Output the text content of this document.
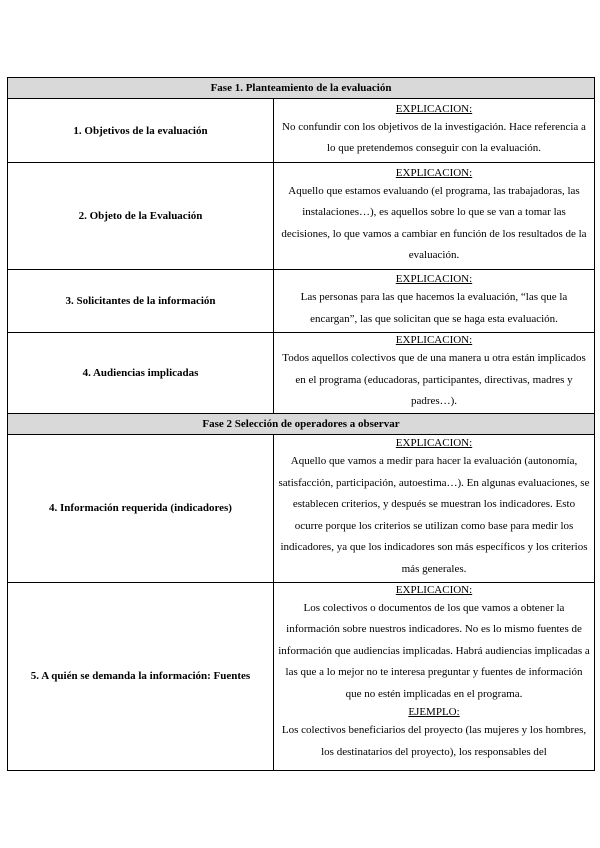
Fase 1. Planteamiento de la evaluación	
1. Objetivos de la evaluación	EXPLICACION:
No confundir con los objetivos de la investigación. Hace referencia a lo que pretendemos conseguir con la evaluación.

2. Objeto de la Evaluación	EXPLICACION:
Aquello que estamos evaluando (el programa, las trabajadoras, las instalaciones…), es aquellos sobre lo que se van a tomar las decisiones, lo que vamos a cambiar en función de los resultados de la evaluación.

3. Solicitantes de la información	EXPLICACION:
Las personas para las que hacemos la evaluación, “las que la encargan”, las que solicitan que se haga esta evaluación.

4. Audiencias implicadas	EXPLICACION:
Todos aquellos colectivos que de una manera u otra están implicados en el programa (educadoras, participantes, directivas, madres y padres…).

Fase 2 Selección de operadores a observar	
4. Información requerida (indicadores)	EXPLICACION:
Aquello que vamos a medir para hacer la evaluación (autonomía, satisfacción, participación, autoestima…). En algunas evaluaciones, se establecen criterios, y después se muestran los indicadores. Esto ocurre porque los criterios se utilizan como base para medir los indicadores, ya que los indicadores son más específicos y los criterios más generales.

5. A quién se demanda la información: Fuentes	EXPLICACION:
Los colectivos o documentos de los que vamos a obtener la información sobre nuestros indicadores. No es lo mismo fuentes de información que audiencias implicadas. Habrá audiencias implicadas a las que a lo mejor no te interesa preguntar y fuentes de información que no estén implicadas en el programa.
EJEMPLO:
Los colectivos beneficiarios del proyecto (las mujeres y los hombres, los destinatarios del proyecto), los responsables del
